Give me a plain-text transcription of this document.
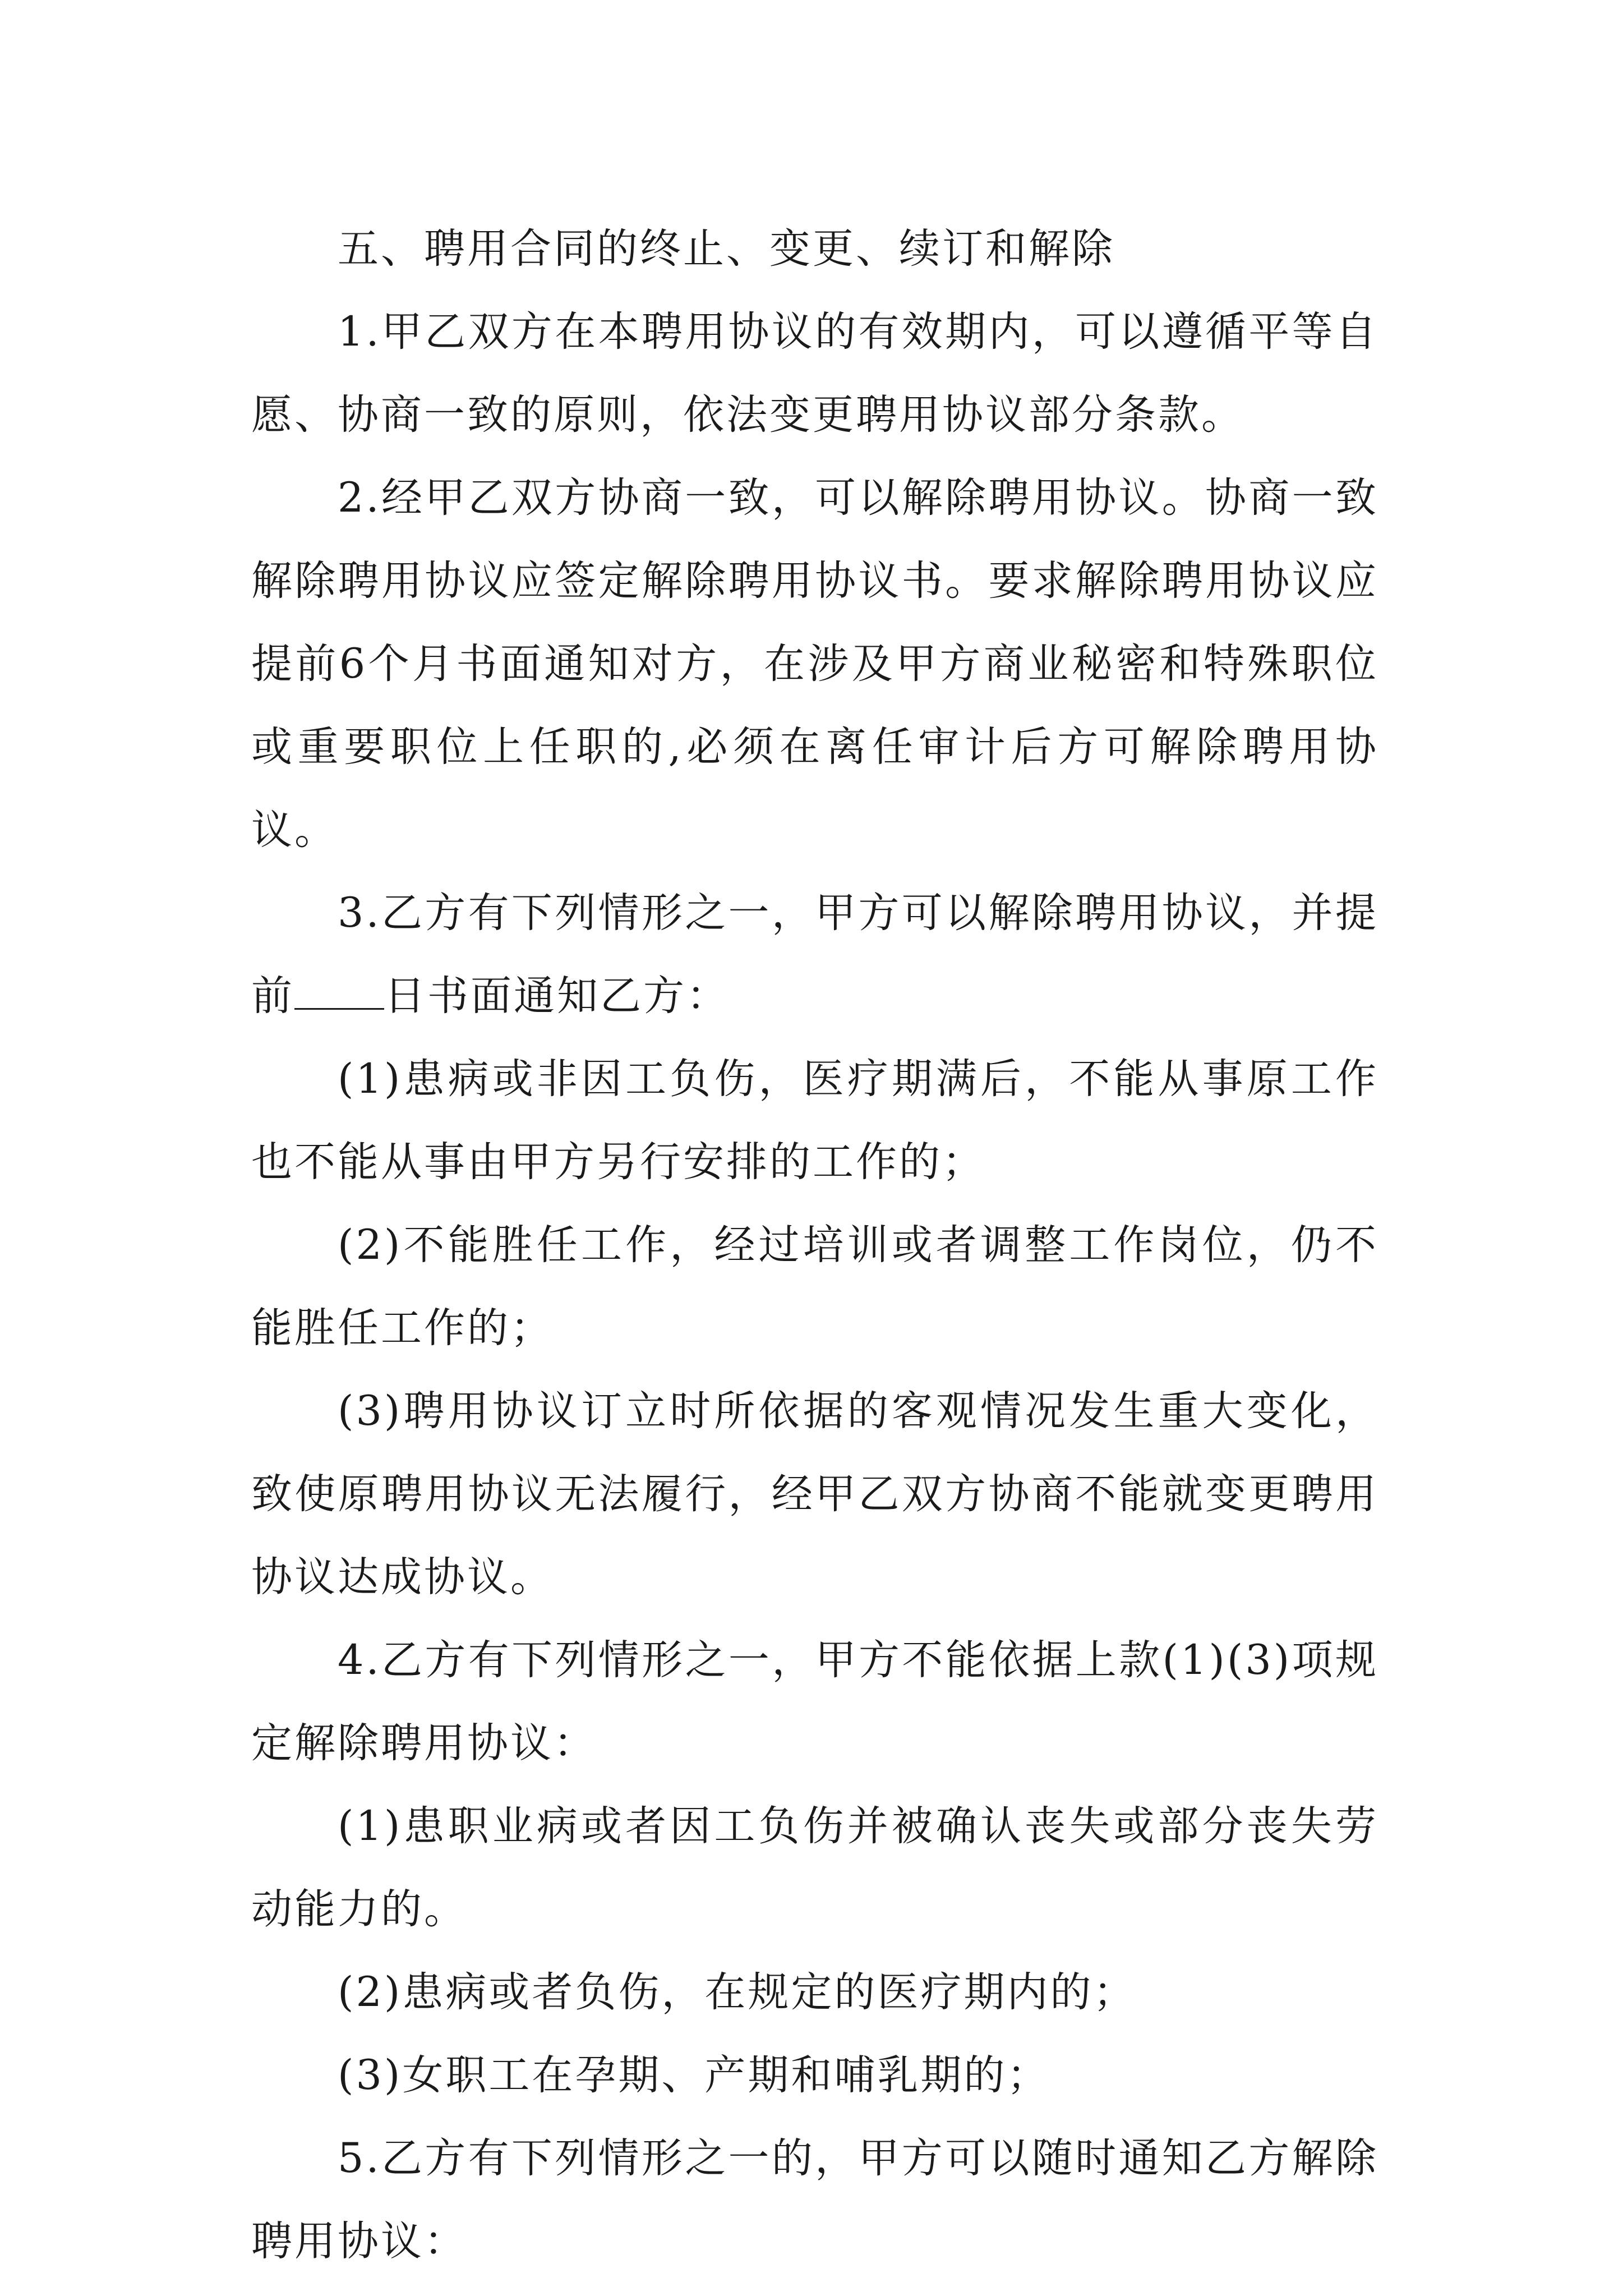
五、聘用合同的终止、变更、续订和解除

1.甲乙双方在本聘用协议的有效期内，可以遵循平等自愿、协商一致的原则，依法变更聘用协议部分条款。

2.经甲乙双方协商一致，可以解除聘用协议。协商一致解除聘用协议应签定解除聘用协议书。要求解除聘用协议应提前6个月书面通知对方，在涉及甲方商业秘密和特殊职位或重要职位上任职的,必须在离任审计后方可解除聘用协议。

3.乙方有下列情形之一，甲方可以解除聘用协议，并提前 日书面通知乙方：

(1)患病或非因工负伤，医疗期满后，不能从事原工作也不能从事由甲方另行安排的工作的；

(2)不能胜任工作，经过培训或者调整工作岗位，仍不能胜任工作的；

(3)聘用协议订立时所依据的客观情况发生重大变化，致使原聘用协议无法履行，经甲乙双方协商不能就变更聘用协议达成协议。

4.乙方有下列情形之一，甲方不能依据上款(1)(3)项规定解除聘用协议：

(1)患职业病或者因工负伤并被确认丧失或部分丧失劳动能力的。

(2)患病或者负伤，在规定的医疗期内的；

(3)女职工在孕期、产期和哺乳期的；

5.乙方有下列情形之一的，甲方可以随时通知乙方解除聘用协议：
